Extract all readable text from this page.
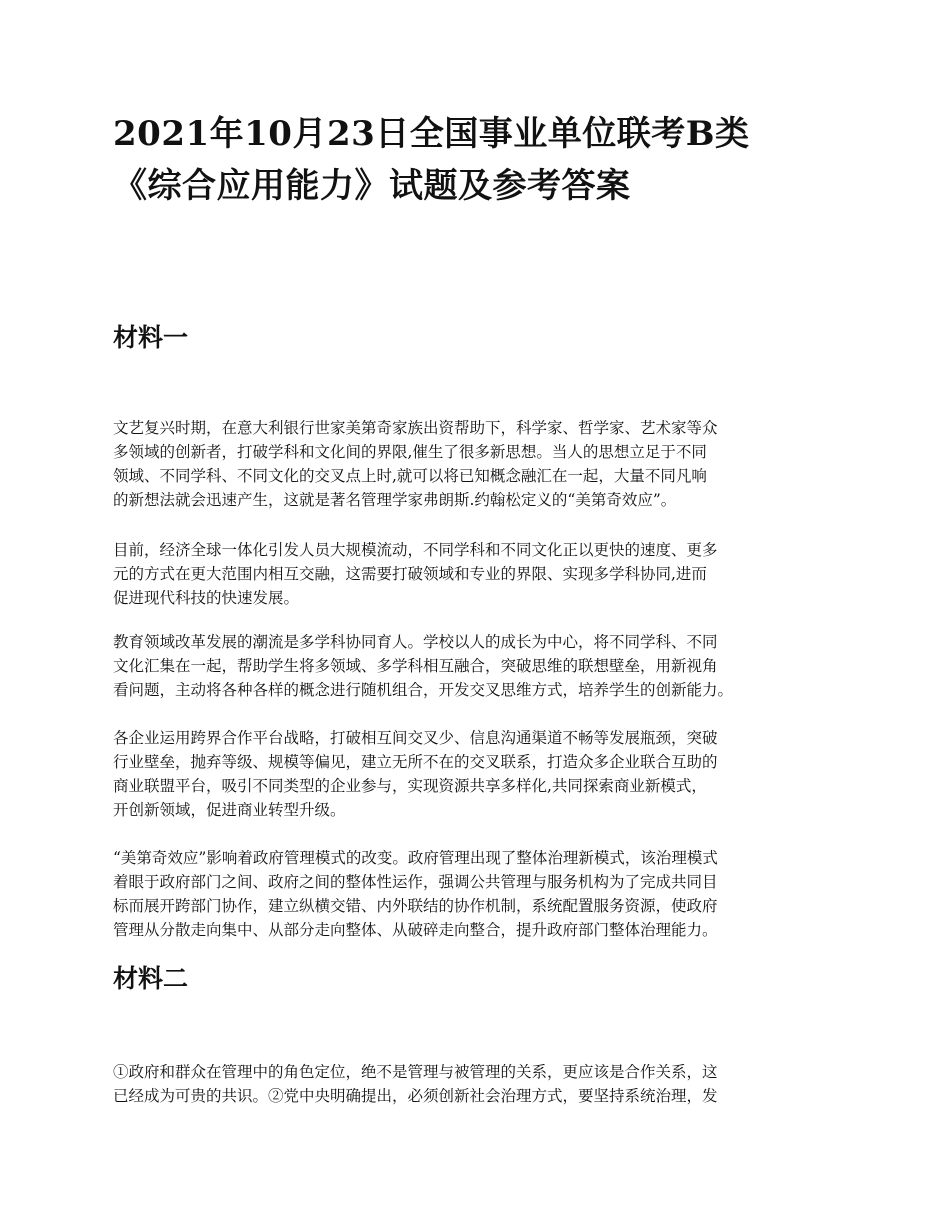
2021年10月23日全国事业单位联考B类
《综合应用能力》试题及参考答案
材料一

文艺复兴时期，在意大利银行世家美第奇家族出资帮助下，科学家、哲学家、艺术家等众
多领域的创新者，打破学科和文化间的界限,催生了很多新思想。当人的思想立足于不同
领域、不同学科、不同文化的交叉点上时,就可以将已知概念融汇在一起，大量不同凡响
的新想法就会迅速产生，这就是著名管理学家弗朗斯.约翰松定义的“美第奇效应”。

目前，经济全球一体化引发人员大规模流动，不同学科和不同文化正以更快的速度、更多
元的方式在更大范围内相互交融，这需要打破领域和专业的界限、实现多学科协同,进而
促进现代科技的快速发展。

教育领域改革发展的潮流是多学科协同育人。学校以人的成长为中心，将不同学科、不同
文化汇集在一起，帮助学生将多领域、多学科相互融合，突破思维的联想壁垒，用新视角
看问题，主动将各种各样的概念进行随机组合，开发交叉思维方式，培养学生的创新能力。

各企业运用跨界合作平台战略，打破相互间交叉少、信息沟通渠道不畅等发展瓶颈，突破
行业壁垒，抛弃等级、规模等偏见，建立无所不在的交叉联系，打造众多企业联合互助的
商业联盟平台，吸引不同类型的企业参与，实现资源共享多样化,共同探索商业新模式，
开创新领域，促进商业转型升级。

“美第奇效应”影响着政府管理模式的改变。政府管理出现了整体治理新模式，该治理模式
着眼于政府部门之间、政府之间的整体性运作，强调公共管理与服务机构为了完成共同目
标而展开跨部门协作，建立纵横交错、内外联结的协作机制，系统配置服务资源，使政府
管理从分散走向集中、从部分走向整体、从破碎走向整合，提升政府部门整体治理能力。

材料二

①政府和群众在管理中的角色定位，绝不是管理与被管理的关系，更应该是合作关系，这
已经成为可贵的共识。②党中央明确提出，必须创新社会治理方式，要坚持系统治理，发
